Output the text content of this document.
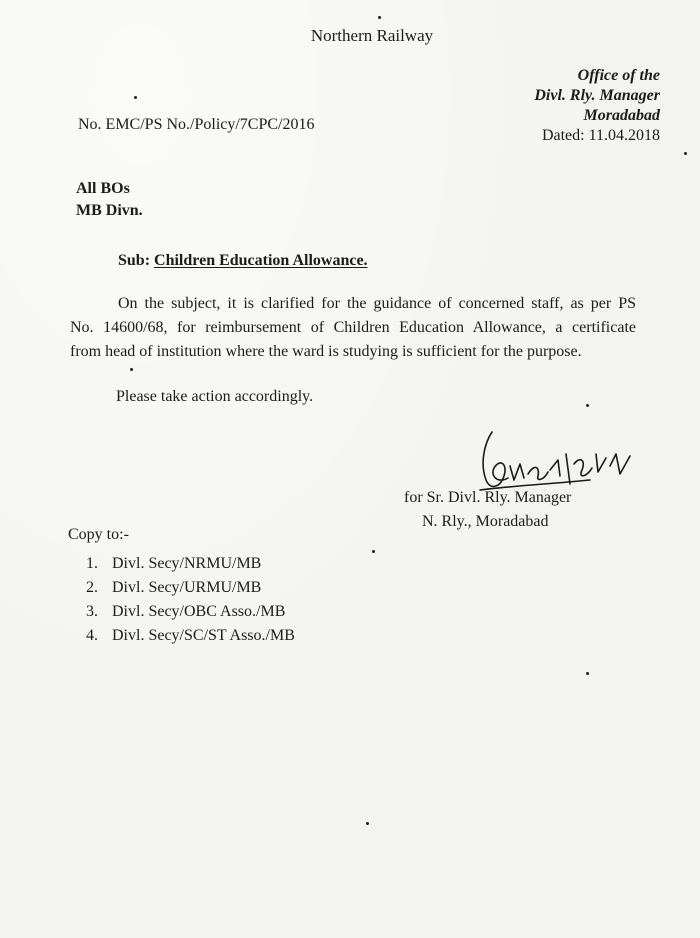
Northern Railway
Office of the
Divl. Rly. Manager
Moradabad
Dated: 11.04.2018
No. EMC/PS No./Policy/7CPC/2016
All BOs
MB Divn.
Sub: Children Education Allowance.
On the subject, it is clarified for the guidance of concerned staff, as per PS
No. 14600/68, for reimbursement of Children Education Allowance, a certificate
from head of institution where the ward is studying is sufficient for the purpose.
Please take action accordingly.
for Sr. Divl. Rly. Manager
N. Rly., Moradabad
Copy to:-
1. Divl. Secy/NRMU/MB
2. Divl. Secy/URMU/MB
3. Divl. Secy/OBC Asso./MB
4. Divl. Secy/SC/ST Asso./MB
